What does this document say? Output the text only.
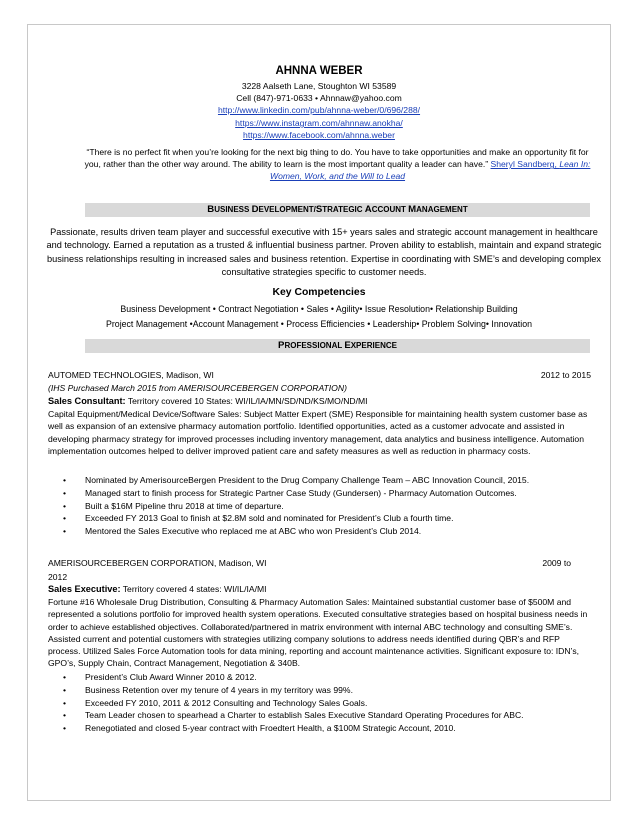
AHNNA WEBER
3228 Aalseth Lane, Stoughton WI 53589
Cell (847)-971-0633 • Ahnnaw@yahoo.com
http://www.linkedin.com/pub/ahnna-weber/0/696/288/
https://www.instagram.com/ahnnaw.anokha/
https://www.facebook.com/ahnna.weber
“There is no perfect fit when you’re looking for the next big thing to do. You have to take opportunities and make an opportunity fit for you, rather than the other way around. The ability to learn is the most important quality a leader can have.” Sheryl Sandberg, Lean In: Women, Work, and the Will to Lead
BUSINESS DEVELOPMENT/STRATEGIC ACCOUNT MANAGEMENT
Passionate, results driven team player and successful executive with 15+ years sales and strategic account management in healthcare and technology. Earned a reputation as a trusted & influential business partner. Proven ability to establish, maintain and expand strategic business relationships resulting in increased sales and business retention. Expertise in coordinating with SME’s and developing complex consultative strategies specific to customer needs.
Key Competencies
Business Development • Contract Negotiation • Sales • Agility• Issue Resolution• Relationship Building
Project Management •Account Management • Process Efficiencies • Leadership• Problem Solving• Innovation
PROFESSIONAL EXPERIENCE
AUTOMED TECHNOLOGIES, Madison, WI	2012 to 2015
(IHS Purchased March 2015 from AMERISOURCEBERGEN CORPORATION)
Sales Consultant: Territory covered 10 States: WI/IL/IA/MN/SD/ND/KS/MO/ND/MI
Capital Equipment/Medical Device/Software Sales: Subject Matter Expert (SME) Responsible for maintaining health system customer base as well as expansion of an extensive pharmacy automation portfolio. Identified opportunities, acted as a customer advocate and assisted in developing pharmacy strategy for improved processes including inventory management, data analytics and business intelligence. Automation implementation outcomes helped to deliver improved patient care and safety measures as well as reduction in pharmacy costs.
• Nominated by AmerisourceBergen President to the Drug Company Challenge Team – ABC Innovation Council, 2015.
• Managed start to finish process for Strategic Partner Case Study (Gundersen) - Pharmacy Automation Outcomes.
• Built a $16M Pipeline thru 2018 at time of departure.
• Exceeded FY 2013 Goal to finish at $2.8M sold and nominated for President’s Club a fourth time.
• Mentored the Sales Executive who replaced me at ABC who won President’s Club 2014.
AMERISOURCEBERGEN CORPORATION, Madison, WI	2009 to
2012
Sales Executive: Territory covered 4 states: WI/IL/IA/MI
Fortune #16 Wholesale Drug Distribution, Consulting & Pharmacy Automation Sales: Maintained substantial customer base of $500M and represented a solutions portfolio for improved health system operations. Executed consultative strategies based on hospital business needs in order to achieve established objectives. Collaborated/partnered in matrix environment with internal ABC technology and consulting SME’s. Assisted current and potential customers with strategies utilizing company solutions to address needs identified during QBR’s and RFP process. Utilized Sales Force Automation tools for data mining, reporting and account maintenance activities. Significant exposure to: IDN’s, GPO’s, Supply Chain, Contract Management, Negotiation & 340B.
• President’s Club Award Winner 2010 & 2012.
• Business Retention over my tenure of 4 years in my territory was 99%.
• Exceeded FY 2010, 2011 & 2012 Consulting and Technology Sales Goals.
• Team Leader chosen to spearhead a Charter to establish Sales Executive Standard Operating Procedures for ABC.
• Renegotiated and closed 5-year contract with Froedtert Health, a $100M Strategic Account, 2010.
